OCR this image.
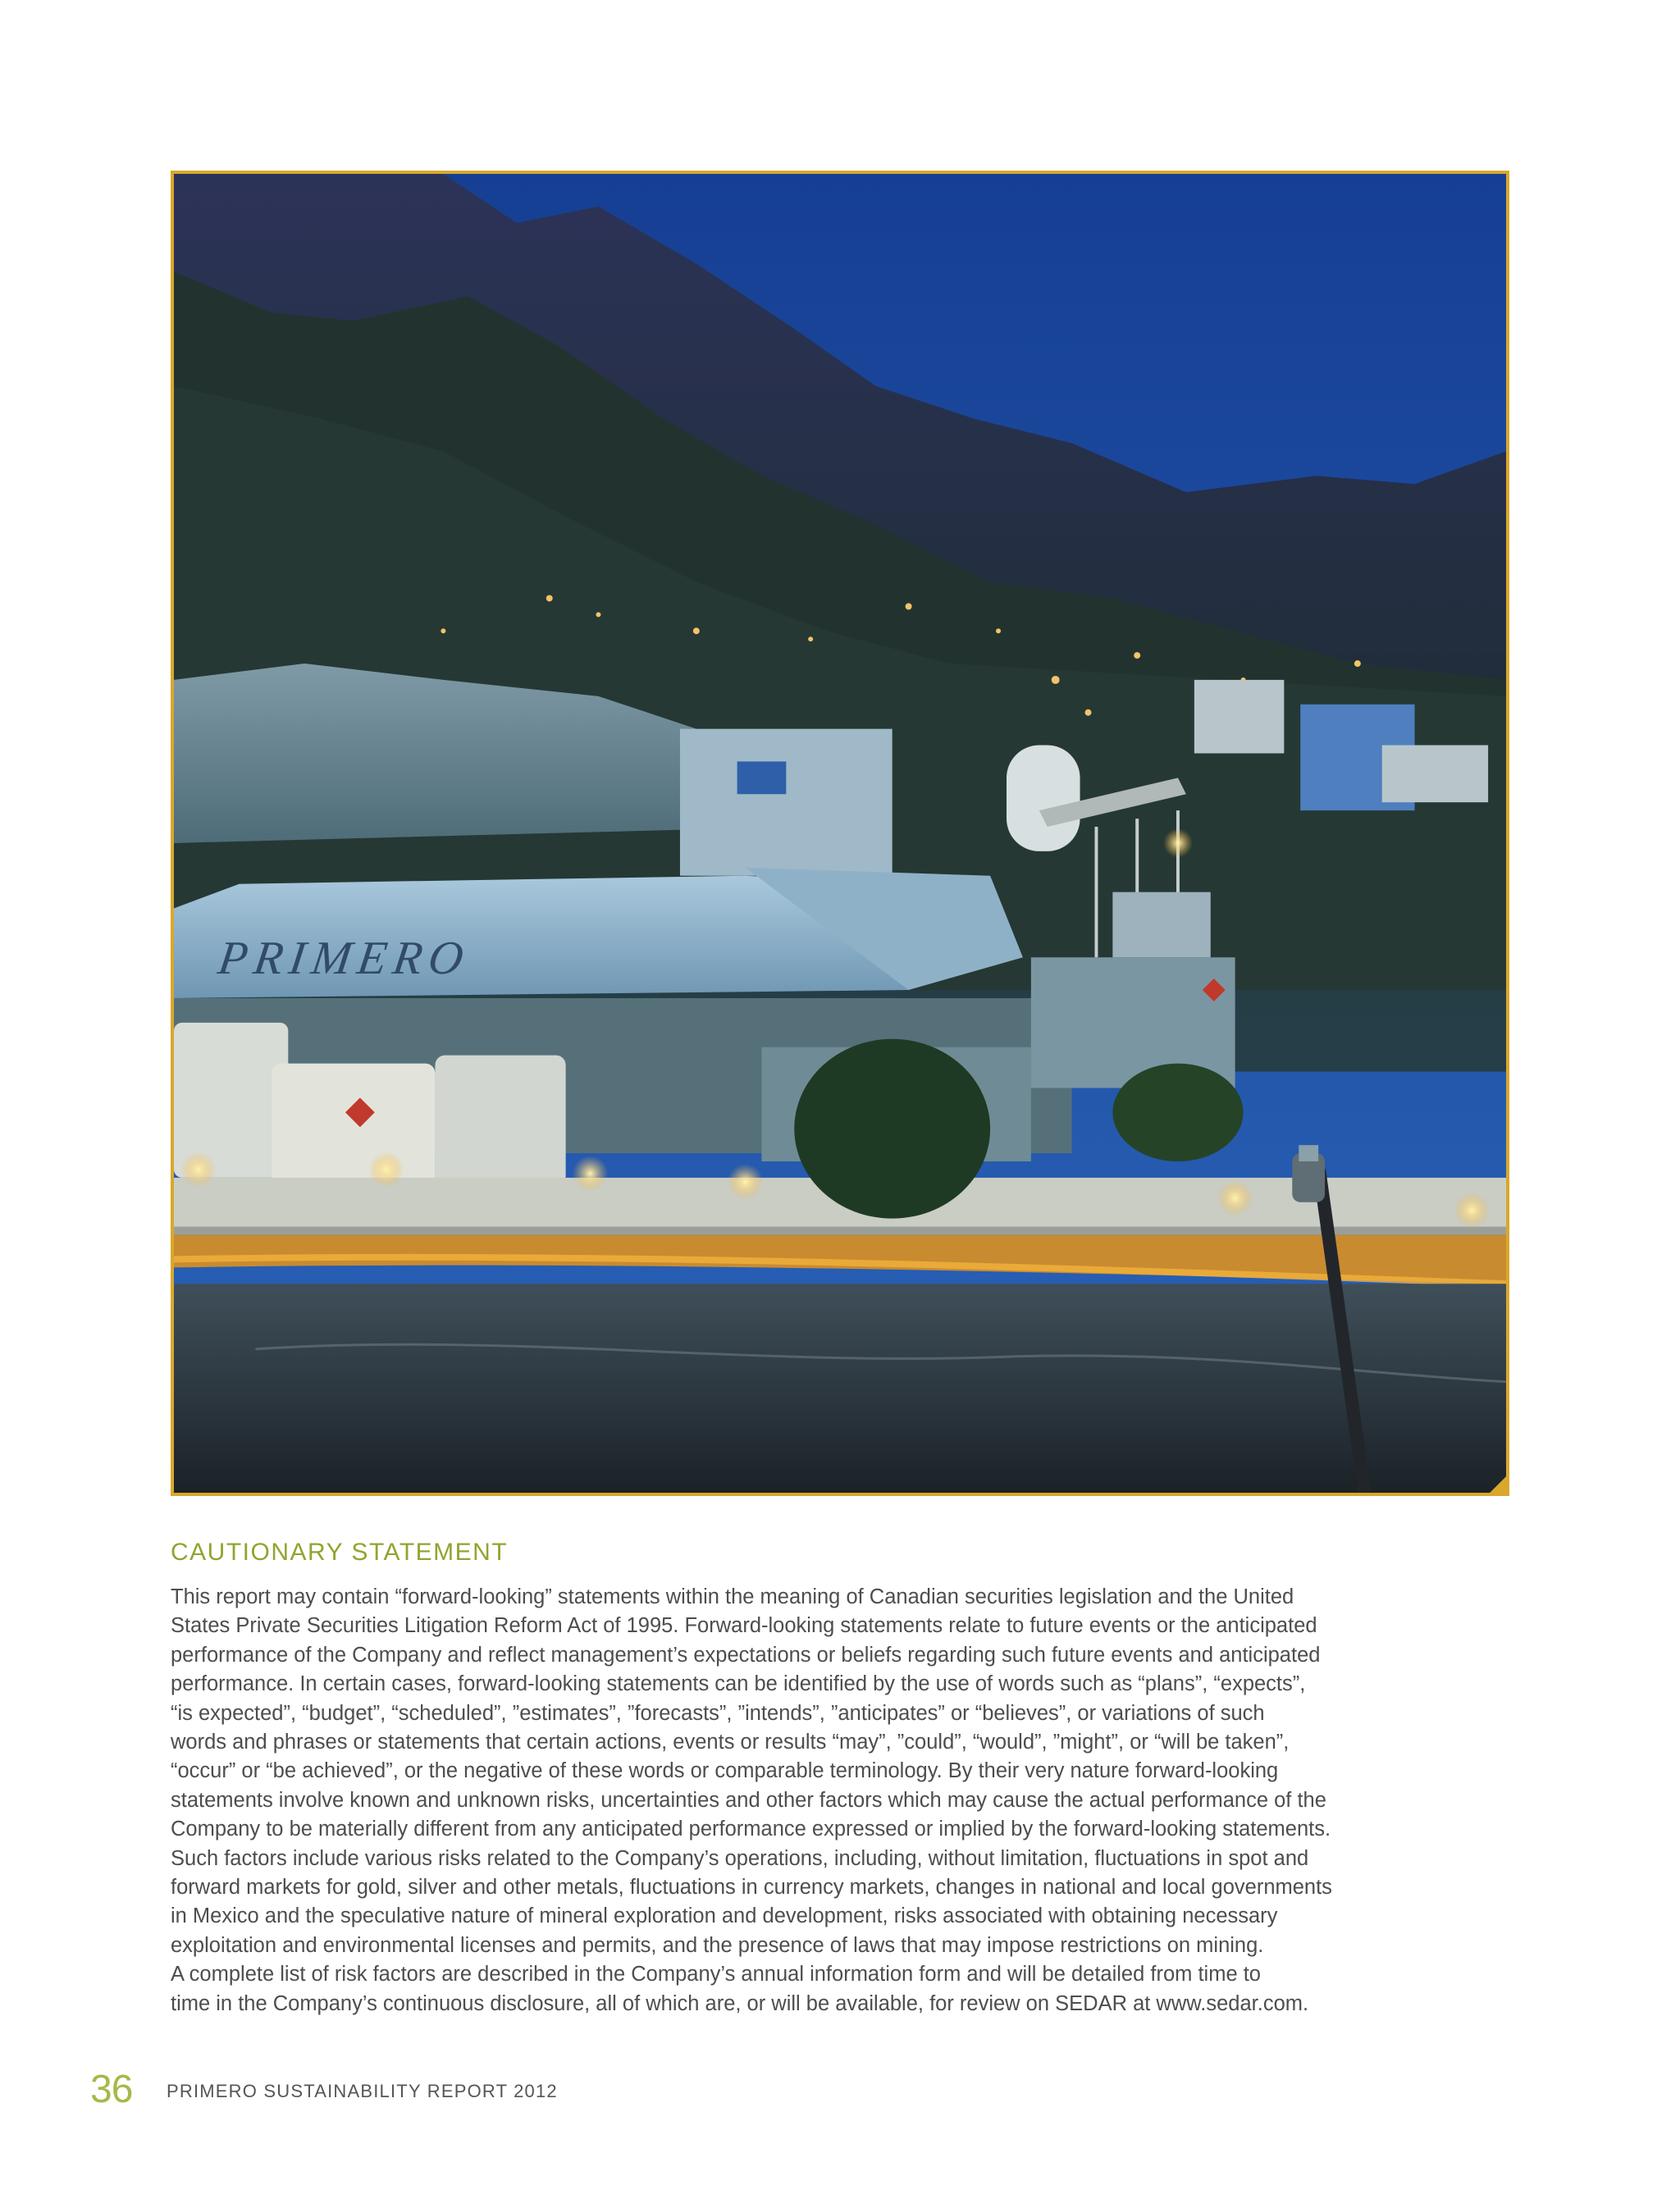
PRIMERO
CAUTIONARY STATEMENT

This report may contain “forward-looking” statements within the meaning of Canadian securities legislation and the United
States Private Securities Litigation Reform Act of 1995. Forward-looking statements relate to future events or the anticipated
performance of the Company and reflect management’s expectations or beliefs regarding such future events and anticipated
performance. In certain cases, forward-looking statements can be identified by the use of words such as “plans”, “expects”,
“is expected”, “budget”, “scheduled”, ”estimates”, ”forecasts”, ”intends”, ”anticipates” or “believes”, or variations of such
words and phrases or statements that certain actions, events or results “may”, ”could”, “would”, ”might”, or “will be taken”,
“occur” or “be achieved”, or the negative of these words or comparable terminology. By their very nature forward-looking
statements involve known and unknown risks, uncertainties and other factors which may cause the actual performance of the
Company to be materially different from any anticipated performance expressed or implied by the forward-looking statements.
Such factors include various risks related to the Company’s operations, including, without limitation, fluctuations in spot and
forward markets for gold, silver and other metals, fluctuations in currency markets, changes in national and local governments
in Mexico and the speculative nature of mineral exploration and development, risks associated with obtaining necessary
exploitation and environmental licenses and permits, and the presence of laws that may impose restrictions on mining.
A complete list of risk factors are described in the Company’s annual information form and will be detailed from time to
time in the Company’s continuous disclosure, all of which are, or will be available, for review on SEDAR at www.sedar.com.

36 PRIMERO SUSTAINABILITY REPORT 2012
